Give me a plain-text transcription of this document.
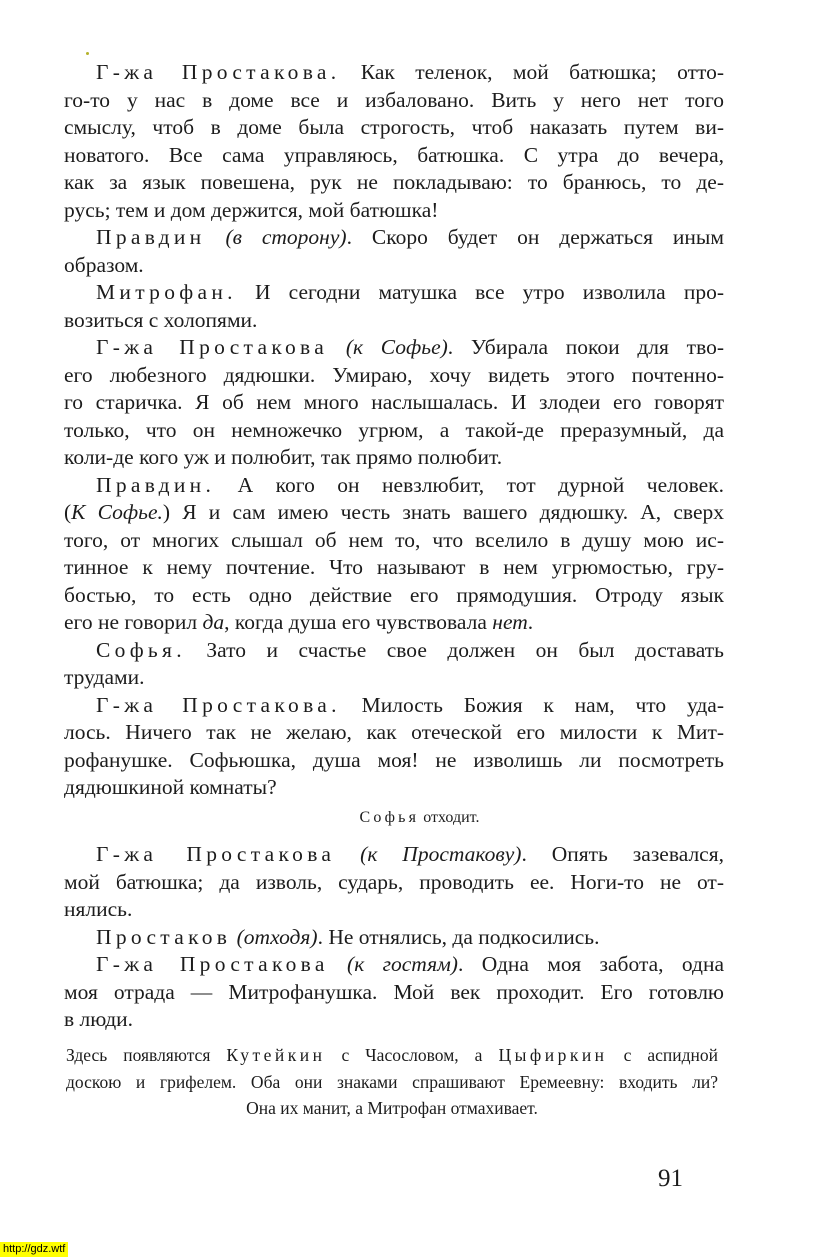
Г-жа Простакова. Как теленок, мой батюшка; отто-
го-то у нас в доме все и избаловано. Вить у него нет того
смыслу, чтоб в доме была строгость, чтоб наказать путем ви-
новатого. Все сама управляюсь, батюшка. С утра до вечера,
как за язык повешена, рук не покладываю: то бранюсь, то де-
русь; тем и дом держится, мой батюшка!
Правдин (в сторону). Скоро будет он держаться иным
образом.
Митрофан. И сегодни матушка все утро изволила про-
возиться с холопями.
Г-жа Простакова (к Софье). Убирала покои для тво-
его любезного дядюшки. Умираю, хочу видеть этого почтенно-
го старичка. Я об нем много наслышалась. И злодеи его говорят
только, что он немножечко угрюм, а такой-де преразумный, да
коли-де кого уж и полюбит, так прямо полюбит.
Правдин. А кого он невзлюбит, тот дурной человек.
(К Софье.) Я и сам имею честь знать вашего дядюшку. А, сверх
того, от многих слышал об нем то, что вселило в душу мою ис-
тинное к нему почтение. Что называют в нем угрюмостью, гру-
бостью, то есть одно действие его прямодушия. Отроду язык
его не говорил да, когда душа его чувствовала нет.
Софья. Зато и счастье свое должен он был доставать
трудами.
Г-жа Простакова. Милость Божия к нам, что уда-
лось. Ничего так не желаю, как отеческой его милости к Мит-
рофанушке. Софьюшка, душа моя! не изволишь ли посмотреть
дядюшкиной комнаты?
Софья отходит.
Г-жа Простакова (к Простакову). Опять зазевался,
мой батюшка; да изволь, сударь, проводить ее. Ноги-то не от-
нялись.
Простаков (отходя). Не отнялись, да подкосились.
Г-жа Простакова (к гостям). Одна моя забота, одна
моя отрада — Митрофанушка. Мой век проходит. Его готовлю
в люди.
Здесь появляются Кутейкин с Часословом, а Цыфиркин с аспидной
доскою и грифелем. Оба они знаками спрашивают Еремеевну: входить ли?
Она их манит, а Митрофан отмахивает.
91
http://gdz.wtf
